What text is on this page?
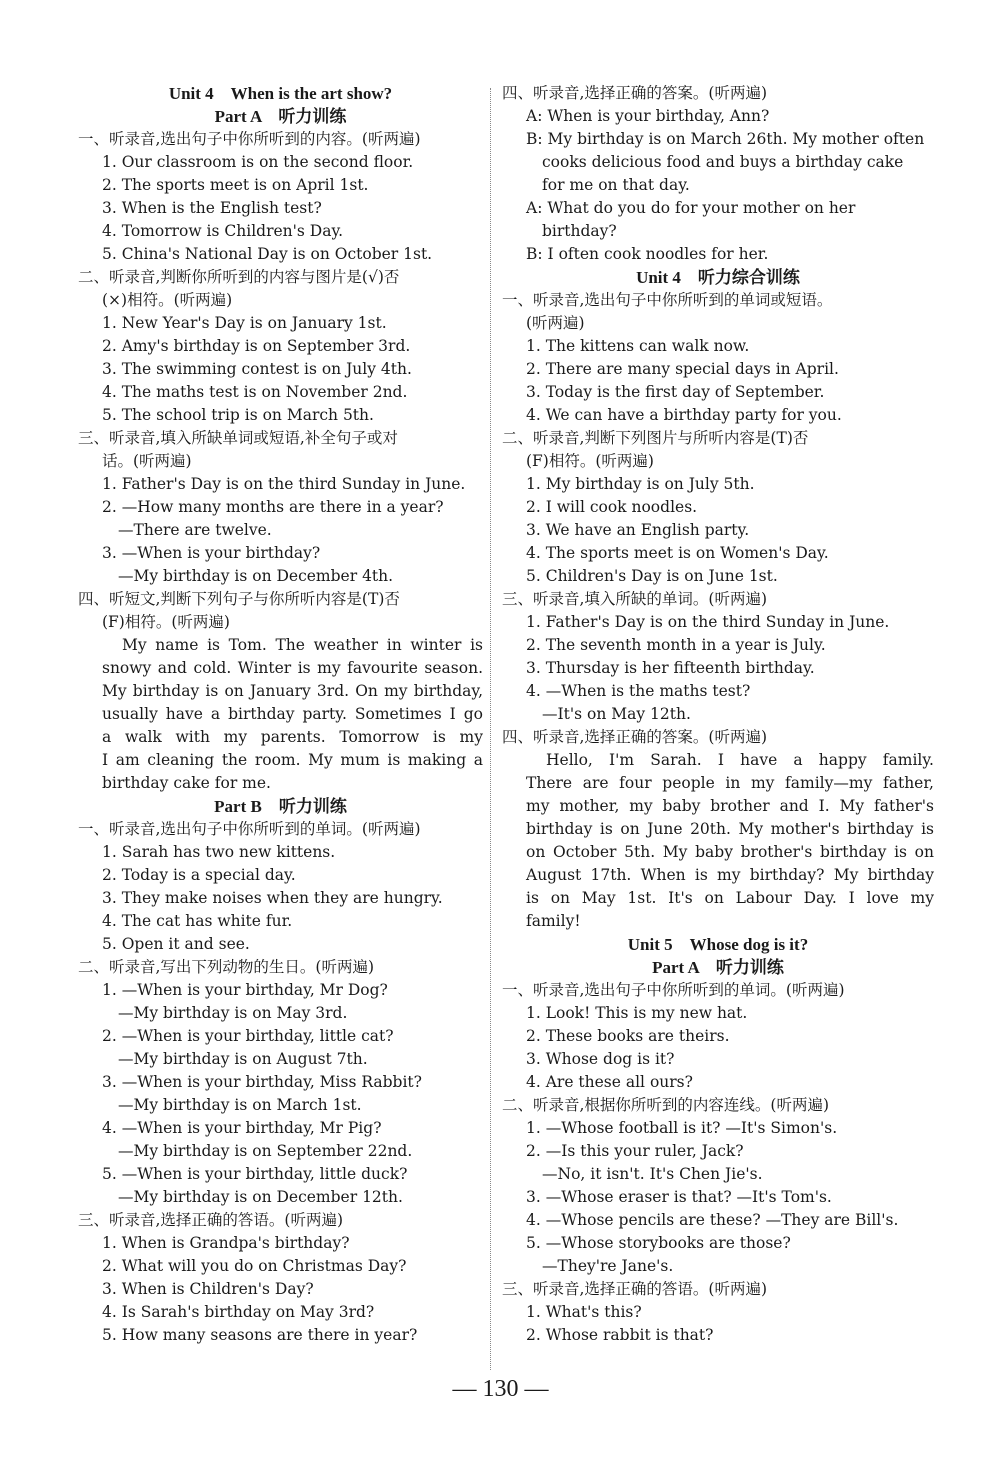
Unit 4　When is the art show?
Part A　听力训练
一、听录音,选出句子中你所听到的内容。(听两遍)
1. Our classroom is on the second floor.
2. The sports meet is on April 1st.
3. When is the English test?
4. Tomorrow is Children's Day.
5. China's National Day is on October 1st.
二、听录音,判断你所听到的内容与图片是(√)否
(×)相符。(听两遍)
1. New Year's Day is on January 1st.
2. Amy's birthday is on September 3rd.
3. The swimming contest is on July 4th.
4. The maths test is on November 2nd.
5. The school trip is on March 5th.
三、听录音,填入所缺单词或短语,补全句子或对
话。(听两遍)
1. Father's Day is on the third Sunday in June.
2. —How many months are there in a year?
—There are twelve.
3. —When is your birthday?
—My birthday is on December 4th.
四、听短文,判断下列句子与你所听内容是(T)否
(F)相符。(听两遍)
My name is Tom. The weather in winter is
snowy and cold. Winter is my favourite season.
My birthday is on January 3rd. On my birthday,
usually have a birthday party. Sometimes I go
a walk with my parents. Tomorrow is my
I am cleaning the room. My mum is making a
birthday cake for me.
Part B　听力训练
一、听录音,选出句子中你所听到的单词。(听两遍)
1. Sarah has two new kittens.
2. Today is a special day.
3. They make noises when they are hungry.
4. The cat has white fur.
5. Open it and see.
二、听录音,写出下列动物的生日。(听两遍)
1. —When is your birthday, Mr Dog?
—My birthday is on May 3rd.
2. —When is your birthday, little cat?
—My birthday is on August 7th.
3. —When is your birthday, Miss Rabbit?
—My birthday is on March 1st.
4. —When is your birthday, Mr Pig?
—My birthday is on September 22nd.
5. —When is your birthday, little duck?
—My birthday is on December 12th.
三、听录音,选择正确的答语。(听两遍)
1. When is Grandpa's birthday?
2. What will you do on Christmas Day?
3. When is Children's Day?
4. Is Sarah's birthday on May 3rd?
5. How many seasons are there in year?
四、听录音,选择正确的答案。(听两遍)
A: When is your birthday, Ann?
B: My birthday is on March 26th. My mother often
cooks delicious food and buys a birthday cake
for me on that day.
A: What do you do for your mother on her
birthday?
B: I often cook noodles for her.
Unit 4　听力综合训练
一、听录音,选出句子中你所听到的单词或短语。
(听两遍)
1. The kittens can walk now.
2. There are many special days in April.
3. Today is the first day of September.
4. We can have a birthday party for you.
二、听录音,判断下列图片与所听内容是(T)否
(F)相符。(听两遍)
1. My birthday is on July 5th.
2. I will cook noodles.
3. We have an English party.
4. The sports meet is on Women's Day.
5. Children's Day is on June 1st.
三、听录音,填入所缺的单词。(听两遍)
1. Father's Day is on the third Sunday in June.
2. The seventh month in a year is July.
3. Thursday is her fifteenth birthday.
4. —When is the maths test?
—It's on May 12th.
四、听录音,选择正确的答案。(听两遍)
Hello, I'm Sarah. I have a happy family.
There are four people in my family—my father,
my mother, my baby brother and I. My father's
birthday is on June 20th. My mother's birthday is
on October 5th. My baby brother's birthday is on
August 17th. When is my birthday? My birthday
is on May 1st. It's on Labour Day. I love my
family!
Unit 5　Whose dog is it?
Part A　听力训练
一、听录音,选出句子中你所听到的单词。(听两遍)
1. Look! This is my new hat.
2. These books are theirs.
3. Whose dog is it?
4. Are these all ours?
二、听录音,根据你所听到的内容连线。(听两遍)
1. —Whose football is it? —It's Simon's.
2. —Is this your ruler, Jack?
—No, it isn't. It's Chen Jie's.
3. —Whose eraser is that? —It's Tom's.
4. —Whose pencils are these? —They are Bill's.
5. —Whose storybooks are those?
—They're Jane's.
三、听录音,选择正确的答语。(听两遍)
1. What's this?
2. Whose rabbit is that?
— 130 —
